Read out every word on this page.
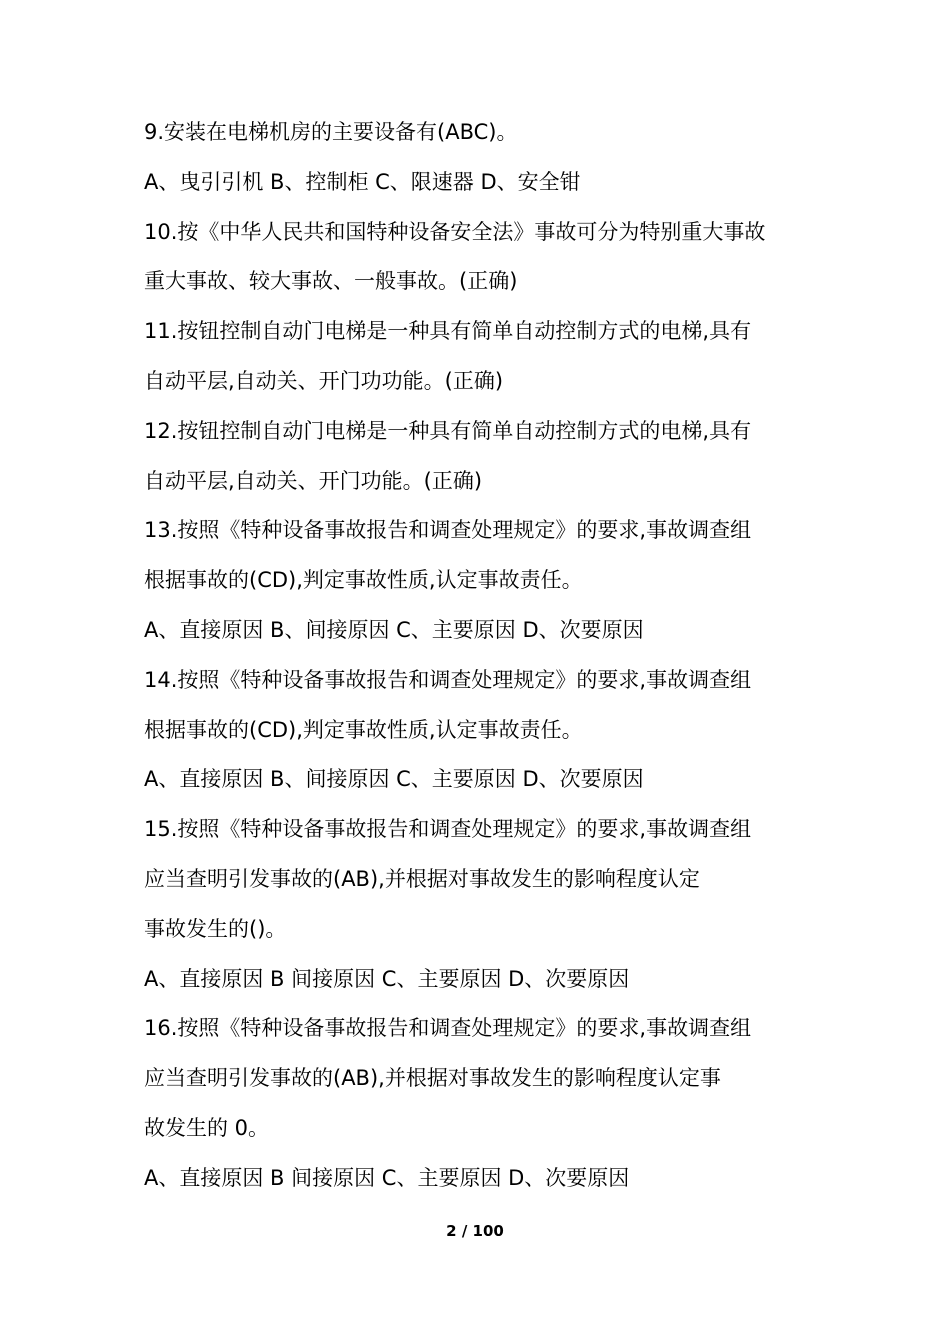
9.安装在电梯机房的主要设备有(ABC)。
A、曳引引机 B、控制柜 C、限速器 D、安全钳
10.按《中华人民共和国特种设备安全法》事故可分为特别重大事故
重大事故、较大事故、一般事故。(正确)
11.按钮控制自动门电梯是一种具有简单自动控制方式的电梯,具有
自动平层,自动关、开门功功能。(正确)
12.按钮控制自动门电梯是一种具有简单自动控制方式的电梯,具有
自动平层,自动关、开门功能。(正确)
13.按照《特种设备事故报告和调查处理规定》的要求,事故调查组
根据事故的(CD),判定事故性质,认定事故责任。
A、直接原因 B、间接原因 C、主要原因 D、次要原因
14.按照《特种设备事故报告和调查处理规定》的要求,事故调查组
根据事故的(CD),判定事故性质,认定事故责任。
A、直接原因 B、间接原因 C、主要原因 D、次要原因
15.按照《特种设备事故报告和调查处理规定》的要求,事故调查组
应当查明引发事故的(AB),并根据对事故发生的影响程度认定
事故发生的()。
A、直接原因 B 间接原因 C、主要原因 D、次要原因
16.按照《特种设备事故报告和调查处理规定》的要求,事故调查组
应当查明引发事故的(AB),并根据对事故发生的影响程度认定事
故发生的 0。
A、直接原因 B 间接原因 C、主要原因 D、次要原因
2 / 100
